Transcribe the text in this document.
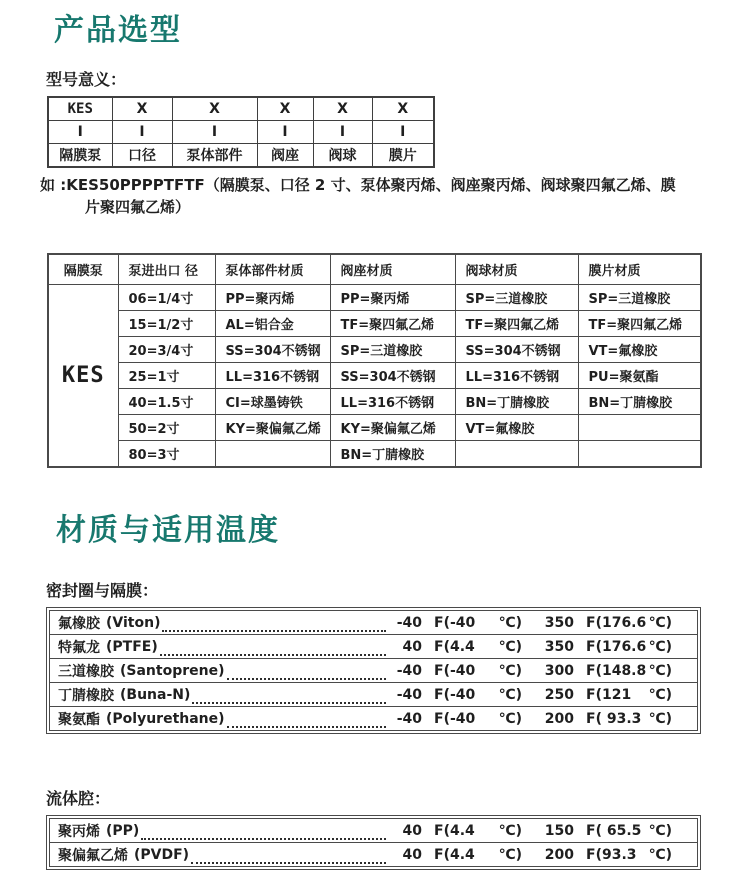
产品选型
型号意义：
KES	X	X	X	X	X
I	I	I	I	I	I
隔膜泵	口径	泵体部件	阀座	阀球	膜片
如 :KES50PPPPTFTF（隔膜泵、口径 2 寸、泵体聚丙烯、阀座聚丙烯、阀球聚四氟乙烯、膜
片聚四氟乙烯）
隔膜泵	泵进出口 径	泵体部件材质	阀座材质	阀球材质	膜片材质
KES	06=1/4寸	PP=聚丙烯	PP=聚丙烯	SP=三道橡胶	SP=三道橡胶
	15=1/2寸	AL=铝合金	TF=聚四氟乙烯	TF=聚四氟乙烯	TF=聚四氟乙烯
	20=3/4寸	SS=304不锈钢	SP=三道橡胶	SS=304不锈钢	VT=氟橡胶
	25=1寸	LL=316不锈钢	SS=304不锈钢	LL=316不锈钢	PU=聚氨酯
	40=1.5寸	CI=球墨铸铁	LL=316不锈钢	BN=丁腈橡胶	BN=丁腈橡胶
	50=2寸	KY=聚偏氟乙烯	KY=聚偏氟乙烯	VT=氟橡胶	
	80=3寸		BN=丁腈橡胶		
材质与适用温度
密封圈与隔膜：
氟橡胶 (Viton)	-40 F(-40 ℃)	350 F(176.6 ℃)
特氟龙 (PTFE)	40 F(4.4 ℃)	350 F(176.6 ℃)
三道橡胶 (Santoprene)	-40 F(-40 ℃)	300 F(148.8 ℃)
丁腈橡胶 (Buna-N)	-40 F(-40 ℃)	250 F(121 ℃)
聚氨酯 (Polyurethane)	-40 F(-40 ℃)	200 F( 93.3 ℃)
流体腔：
聚丙烯 (PP)	40 F(4.4 ℃)	150 F( 65.5 ℃)
聚偏氟乙烯 (PVDF)	40 F(4.4 ℃)	200 F(93.3 ℃)
